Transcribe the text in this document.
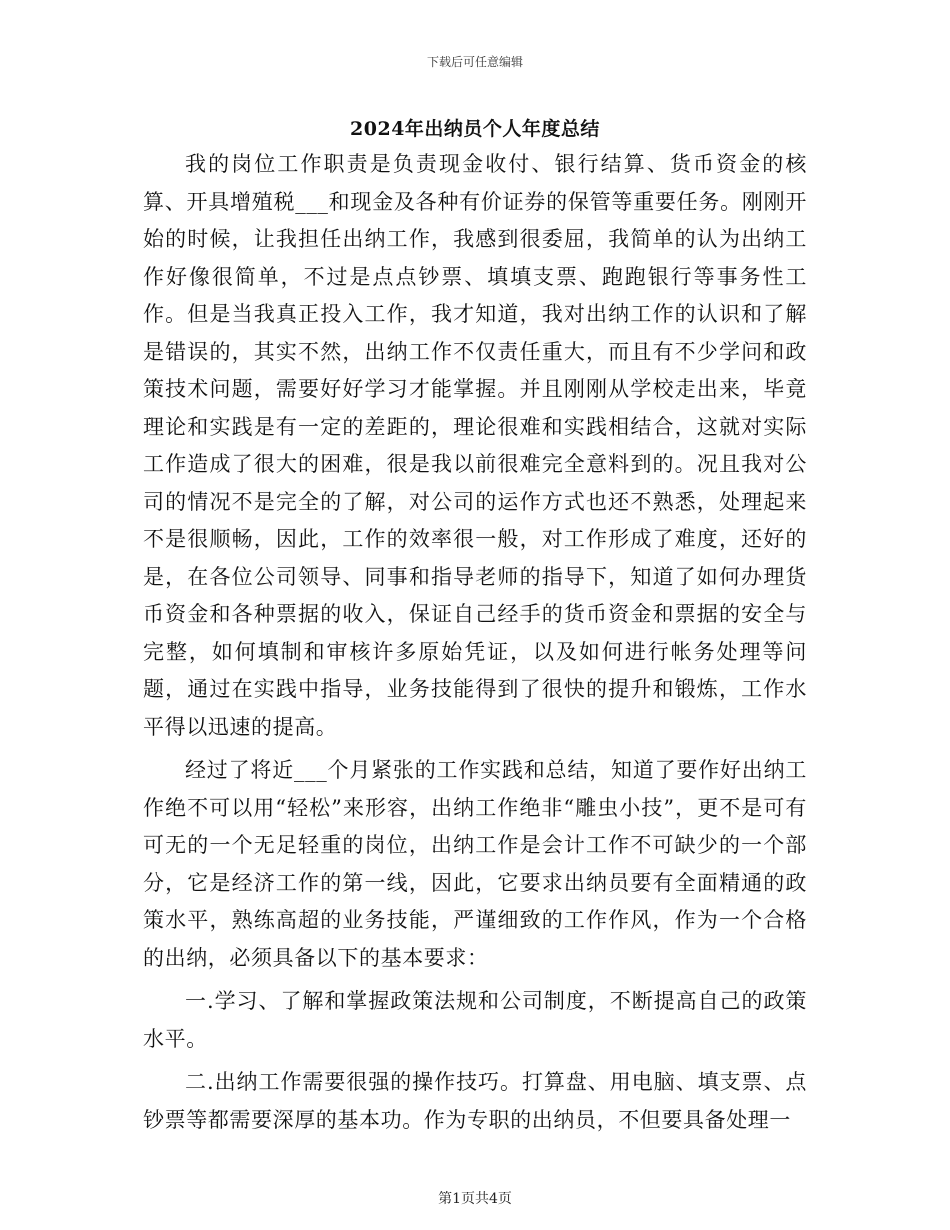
下载后可任意编辑
2024年出纳员个人年度总结

我的岗位工作职责是负责现金收付、银行结算、货币资金的核算、开具增殖税___和现金及各种有价证券的保管等重要任务。刚刚开始的时候，让我担任出纳工作，我感到很委屈，我简单的认为出纳工作好像很简单，不过是点点钞票、填填支票、跑跑银行等事务性工作。但是当我真正投入工作，我才知道，我对出纳工作的认识和了解是错误的，其实不然，出纳工作不仅责任重大，而且有不少学问和政策技术问题，需要好好学习才能掌握。并且刚刚从学校走出来，毕竟理论和实践是有一定的差距的，理论很难和实践相结合，这就对实际工作造成了很大的困难，很是我以前很难完全意料到的。况且我对公司的情况不是完全的了解，对公司的运作方式也还不熟悉，处理起来不是很顺畅，因此，工作的效率很一般，对工作形成了难度，还好的是，在各位公司领导、同事和指导老师的指导下，知道了如何办理货币资金和各种票据的收入，保证自己经手的货币资金和票据的安全与完整，如何填制和审核许多原始凭证，以及如何进行帐务处理等问题，通过在实践中指导，业务技能得到了很快的提升和锻炼，工作水平得以迅速的提高。

经过了将近___个月紧张的工作实践和总结，知道了要作好出纳工作绝不可以用“轻松”来形容，出纳工作绝非“雕虫小技”，更不是可有可无的一个无足轻重的岗位，出纳工作是会计工作不可缺少的一个部分，它是经济工作的第一线，因此，它要求出纳员要有全面精通的政策水平，熟练高超的业务技能，严谨细致的工作作风，作为一个合格的出纳，必须具备以下的基本要求：

一.学习、了解和掌握政策法规和公司制度，不断提高自己的政策水平。

二.出纳工作需要很强的操作技巧。打算盘、用电脑、填支票、点钞票等都需要深厚的基本功。作为专职的出纳员，不但要具备处理一

第1页共4页
